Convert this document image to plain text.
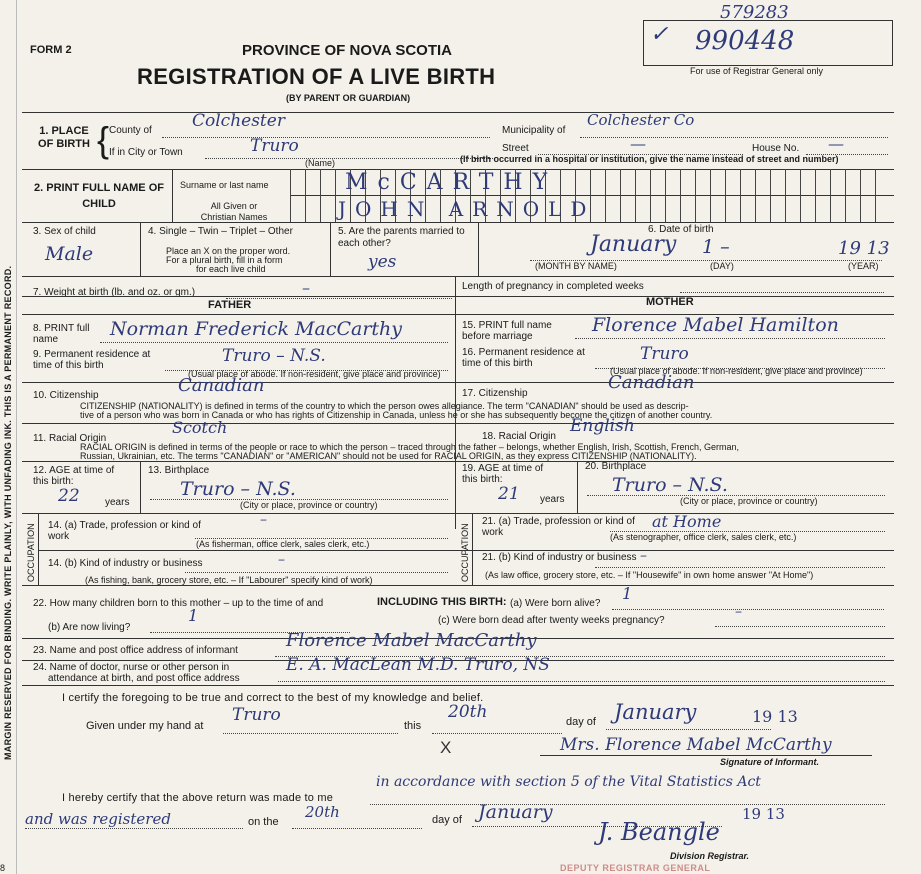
MARGIN RESERVED FOR BINDING. WRITE PLAINLY, WITH UNFADING INK. THIS IS A PERMANENT RECORD.
FORM 2	PROVINCE OF NOVA SCOTIA
REGISTRATION OF A LIVE BIRTH
(BY PARENT OR GUARDIAN)
579283
✓ 990448
For use of Registrar General only
1. PLACE OF BIRTH { County of Colchester	Municipality of
Colchester Co
If in City or Town	Truro
(Name)
Street	—	House No. —
(If birth occurred in a hospital or institution, give the name instead of street and number)
2. PRINT FULL NAME OF CHILD
Surname or last name
All Given or Christian Names
McCARTHY
JOHN ARNOLD
3. Sex of child
Male
4. Single – Twin – Triplet – Other
Place an X on the proper word.
For a plural birth, fill in a form
for each live child
5. Are the parents married to each other?
yes
6. Date of birth
January 1 –	19 13
(MONTH BY NAME)	(DAY)	(YEAR)
7. Weight at birth (lb. and oz. or gm.)	–	Length of pregnancy in completed weeks
FATHER	MOTHER
8. PRINT full name	Norman Frederick MacCarthy	15. PRINT full name before marriage
Florence Mabel Hamilton
9. Permanent residence at time of this birth	Truro – N.S.
(Usual place of abode. If non-resident, give place and province)
16. Permanent residence at time of this birth	Truro
(Usual place of abode. If non-resident, give place and province)
10. Citizenship	Canadian	17. Citizenship
Canadian
CITIZENSHIP (NATIONALITY) is defined in terms of the country to which the person owes allegiance. The term "CANADIAN" should be used as descrip-
tive of a person who was born in Canada or who has rights of Citizenship in Canada, unless he or she has subsequently become the citizen of another country.
11. Racial Origin
Scotch	18. Racial Origin
English
RACIAL ORIGIN is defined in terms of the people or race to which the person – traced through the father – belongs, whether English, Irish, Scottish, French, German,
Russian, Ukrainian, etc. The terms "CANADIAN" or "AMERICAN" should not be used for RACIAL ORIGIN, as they express CITIZENSHIP (NATIONALITY).
12. AGE at time of this birth:
22	years
13. Birthplace
Truro – N.S.
(City or place, province or country)
19. AGE at time of this birth:
21 years
20. Birthplace
Truro – N.S.
(City or place, province or country)
OCCUPATION	OCCUPATION
14. (a) Trade, profession or kind of work
–
(As fisherman, office clerk, sales clerk, etc.)
21. (a) Trade, profession or kind of work
at Home
(As stenographer, office clerk, sales clerk, etc.)
14. (b) Kind of industry or business	–
(As fishing, bank, grocery store, etc. – If "Labourer" specify kind of work)
21. (b) Kind of industry or business –
(As law office, grocery store, etc. – If "Housewife" in own home answer "At Home")
22. How many children born to this mother – up to the time of and	INCLUDING THIS BIRTH: (a) Were born alive?
1
(b) Are now living?
1	(c) Were born dead after twenty weeks pregnancy?
–
23. Name and post office address of informant	Florence Mabel MacCarthy
24. Name of doctor, nurse or other person in
attendance at birth, and post office address
E. A. MacLean M.D. Truro, NS
I certify the foregoing to be true and correct to the best of my knowledge and belief.
Given under my hand at
Truro
this
20th	day of January	19 13
X	Mrs. Florence Mabel McCarthy
Signature of Informant.
I hereby certify that the above return was made to me
in accordance with section 5 of the Vital Statistics Act
and was registered	on the
20th	day of January	19 13
J. Beangle
Division Registrar.
DEPUTY REGISTRAR GENERAL
8
